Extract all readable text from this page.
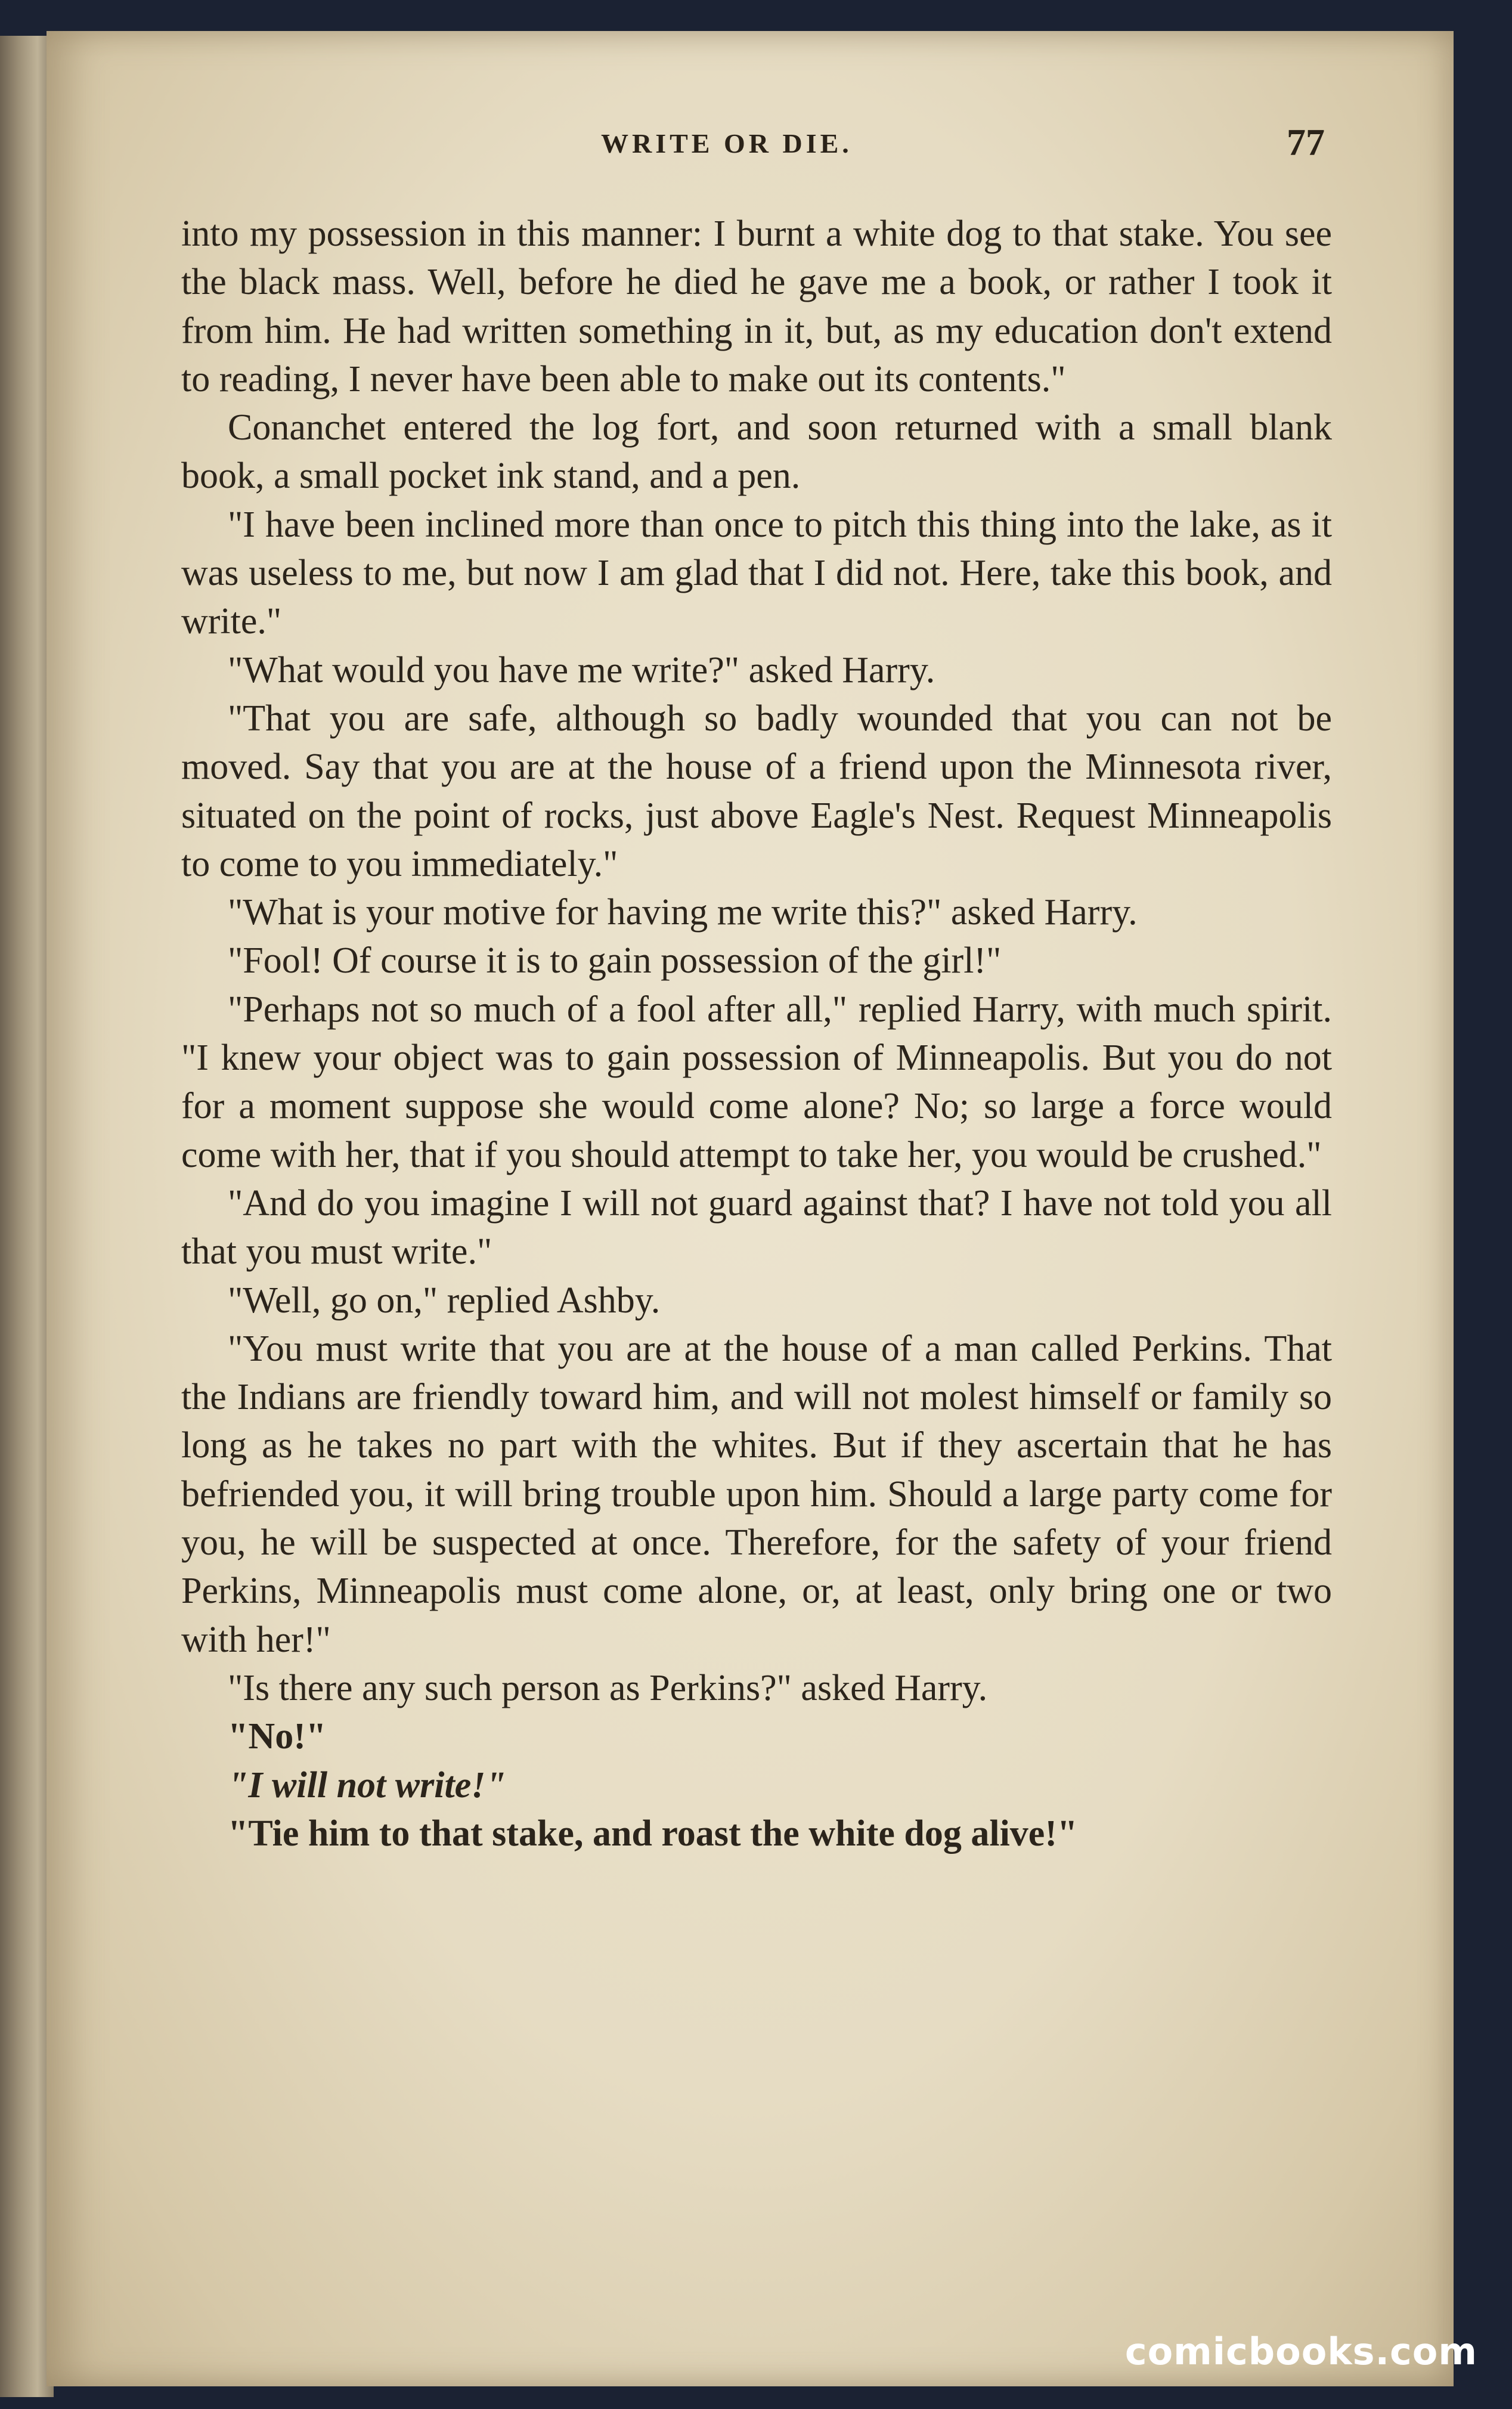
WRITE OR DIE.	77

into my possession in this manner: I burnt a white dog to that stake. You see the black mass. Well, before he died he gave me a book, or rather I took it from him. He had written something in it, but, as my education don't extend to reading, I never have been able to make out its contents."

Conanchet entered the log fort, and soon returned with a small blank book, a small pocket ink stand, and a pen.

"I have been inclined more than once to pitch this thing into the lake, as it was useless to me, but now I am glad that I did not. Here, take this book, and write."

"What would you have me write?" asked Harry.

"That you are safe, although so badly wounded that you can not be moved. Say that you are at the house of a friend upon the Minnesota river, situated on the point of rocks, just above Eagle's Nest. Request Minneapolis to come to you immediately."

"What is your motive for having me write this?" asked Harry.

"Fool! Of course it is to gain possession of the girl!"

"Perhaps not so much of a fool after all," replied Harry, with much spirit. "I knew your object was to gain possession of Minneapolis. But you do not for a moment suppose she would come alone? No; so large a force would come with her, that if you should attempt to take her, you would be crushed."

"And do you imagine I will not guard against that? I have not told you all that you must write."

"Well, go on," replied Ashby.

"You must write that you are at the house of a man called Perkins. That the Indians are friendly toward him, and will not molest himself or family so long as he takes no part with the whites. But if they ascertain that he has befriended you, it will bring trouble upon him. Should a large party come for you, he will be suspected at once. Therefore, for the safety of your friend Perkins, Minneapolis must come alone, or, at least, only bring one or two with her!"

"Is there any such person as Perkins?" asked Harry.

"No!"

"I will not write!"

"Tie him to that stake, and roast the white dog alive!"

comicbooks.com
